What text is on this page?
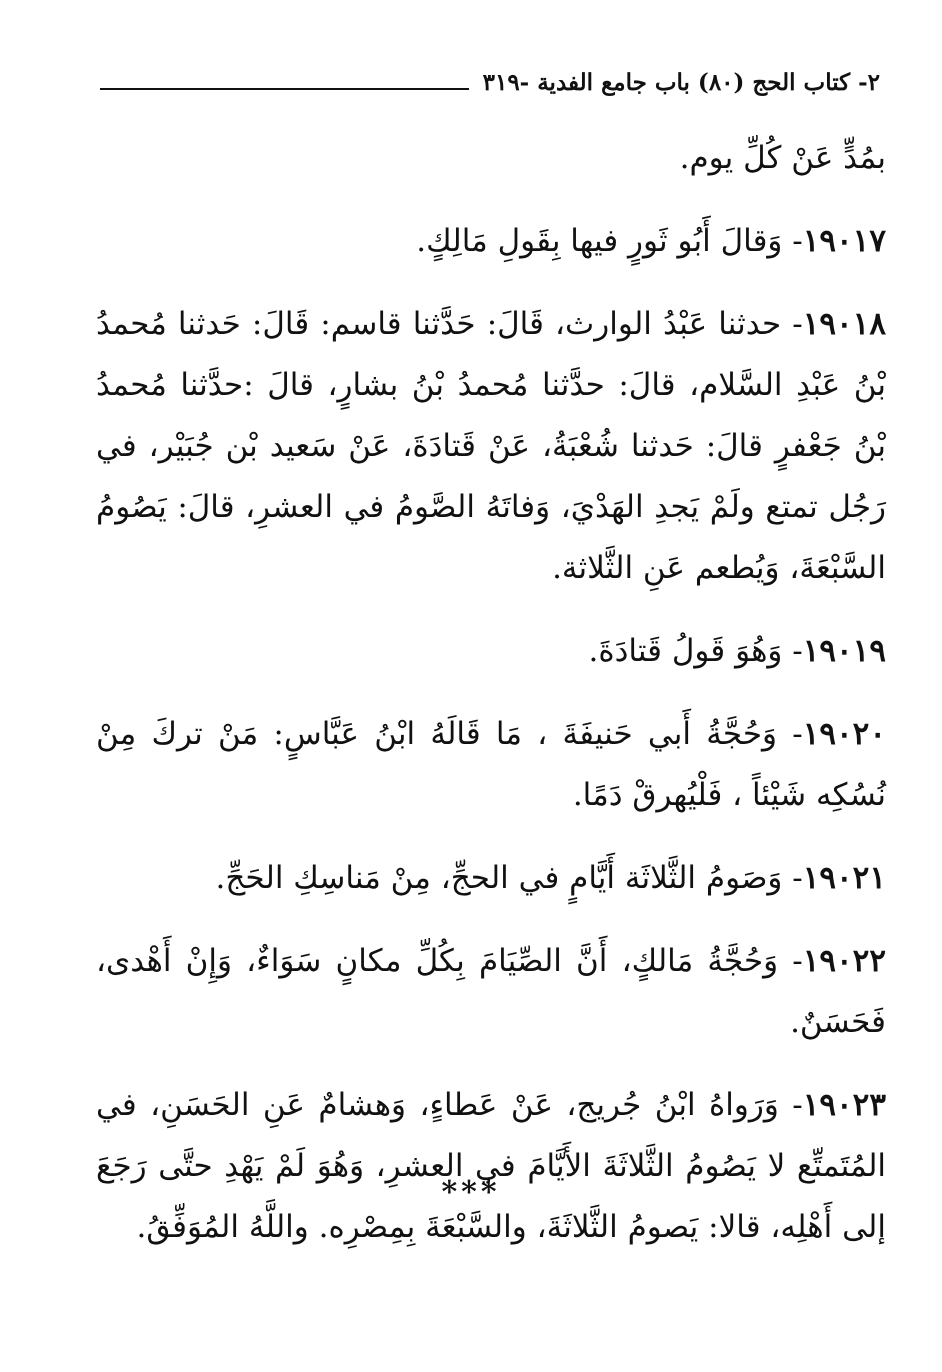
٢- كتاب الحج (٨٠) باب جامع الفدية -٣١٩

بمُدٍّ عَنْ كُلِّ يوم.

١٩٠١٧- وَقالَ أَبُو ثَورٍ فيها بِقَولِ مَالِكٍ.

١٩٠١٨- حدثنا عَبْدُ الوارث، قَالَ: حَدَّثنا قاسم: قَالَ: حَدثنا مُحمدُ بْنُ عَبْدِ السَّلام، قالَ: حدَّثنا مُحمدُ بْنُ بشارٍ، قالَ :حدَّثنا مُحمدُ بْنُ جَعْفرٍ قالَ: حَدثنا شُعْبَةُ، عَنْ قَتادَةَ، عَنْ سَعيد بْن جُبَيْر، في رَجُل تمتع ولَمْ يَجدِ الهَدْيَ، وَفاتَهُ الصَّومُ في العشرِ، قالَ: يَصُومُ السَّبْعَةَ، وَيُطعم عَنِ الثَّلاثة.

١٩٠١٩- وَهُوَ قَولُ قَتادَةَ.

١٩٠٢٠- وَحُجَّةُ أَبي حَنيفَةَ ، مَا قَالَهُ ابْنُ عَبَّاسٍ: مَنْ تركَ مِنْ نُسُكِه شَيْئاً ، فَلْيُهرقْ دَمًا.

١٩٠٢١- وَصَومُ الثَّلاثَة أَيَّامٍ في الحجِّ، مِنْ مَناسِكِ الحَجِّ.

١٩٠٢٢- وَحُجَّةُ مَالكٍ، أَنَّ الصِّيَامَ بِكُلِّ مكانٍ سَوَاءٌ، وَإِنْ أَهْدى، فَحَسَنٌ.

١٩٠٢٣- وَرَواهُ ابْنُ جُريج، عَنْ عَطاءٍ، وَهشامٌ عَنِ الحَسَنِ، في المُتَمتِّع لا يَصُومُ الثَّلاثَةَ الأَيَّامَ في العشرِ، وَهُوَ لَمْ يَهْدِ حتَّى رَجَعَ إلى أَهْلِه، قالا: يَصومُ الثَّلاثَةَ، والسَّبْعَةَ بِمِصْرِه. واللَّهُ المُوَفِّقُ.

***
